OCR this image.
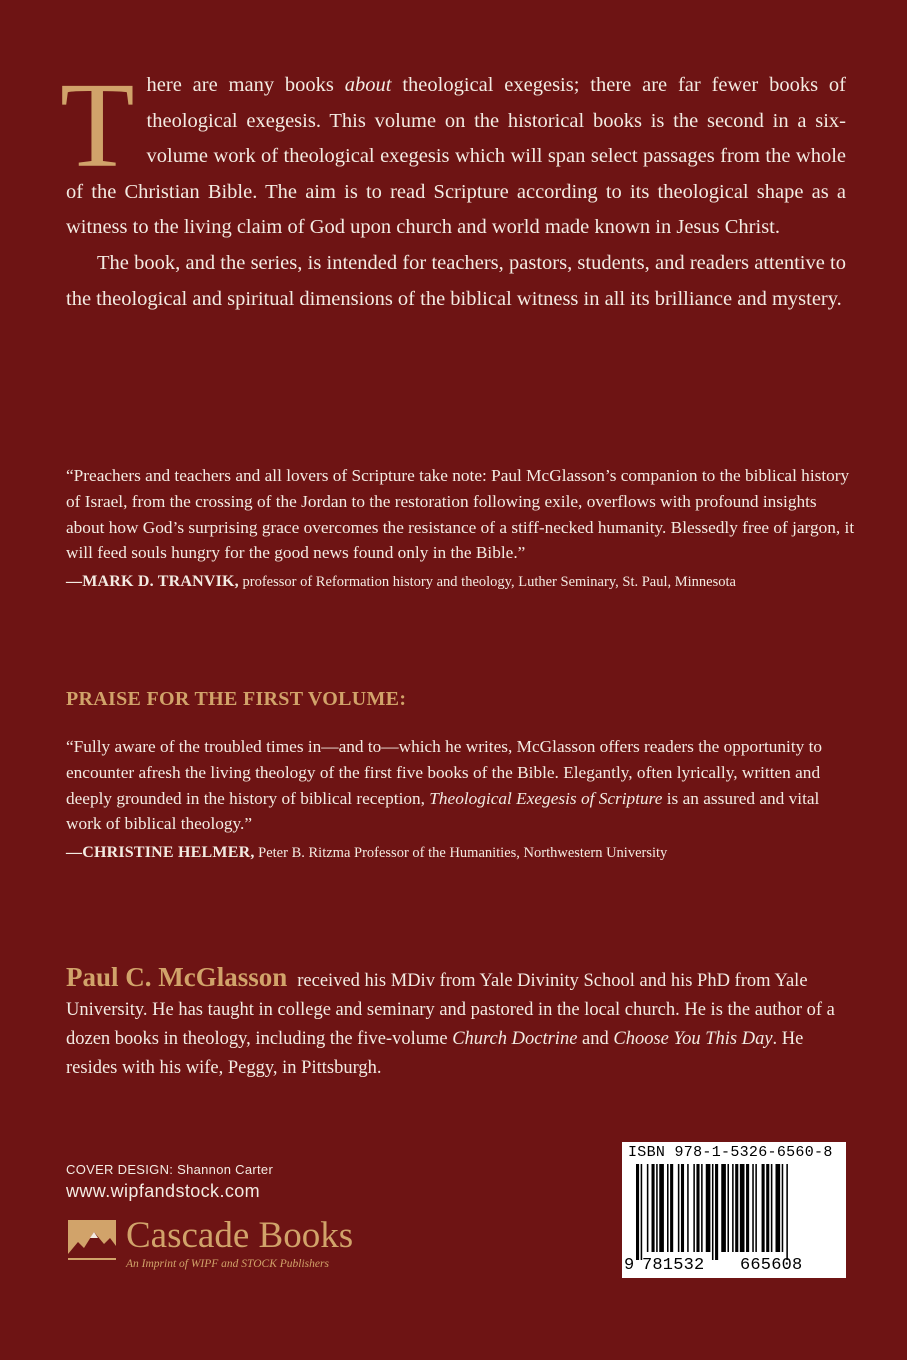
There are many books about theological exegesis; there are far fewer books of theological exegesis. This volume on the historical books is the second in a six-volume work of theological exegesis which will span select passages from the whole of the Christian Bible. The aim is to read Scripture according to its theological shape as a witness to the living claim of God upon church and world made known in Jesus Christ.

The book, and the series, is intended for teachers, pastors, students, and readers attentive to the theological and spiritual dimensions of the biblical witness in all its brilliance and mystery.

“Preachers and teachers and all lovers of Scripture take note: Paul McGlasson’s companion to the biblical history of Israel, from the crossing of the Jordan to the restoration following exile, overflows with profound insights about how God’s surprising grace overcomes the resistance of a stiff-necked humanity. Blessedly free of jargon, it will feed souls hungry for the good news found only in the Bible.”

—MARK D. TRANVIK, professor of Reformation history and theology, Luther Seminary, St. Paul, Minnesota
PRAISE FOR THE FIRST VOLUME:

“Fully aware of the troubled times in—and to—which he writes, McGlasson offers readers the opportunity to encounter afresh the living theology of the first five books of the Bible. Elegantly, often lyrically, written and deeply grounded in the history of biblical reception, Theological Exegesis of Scripture is an assured and vital work of biblical theology.”

—CHRISTINE HELMER, Peter B. Ritzma Professor of the Humanities, Northwestern University
Paul C. McGlasson received his MDiv from Yale Divinity School and his PhD from Yale University. He has taught in college and seminary and pastored in the local church. He is the author of a dozen books in theology, including the five-volume Church Doctrine and Choose You This Day. He resides with his wife, Peggy, in Pittsburgh.
COVER DESIGN: Shannon Carter
www.wipfandstock.com
Cascade Books
An Imprint of WIPF and STOCK Publishers
ISBN 978-1-5326-6560-8
9 781532 665608
